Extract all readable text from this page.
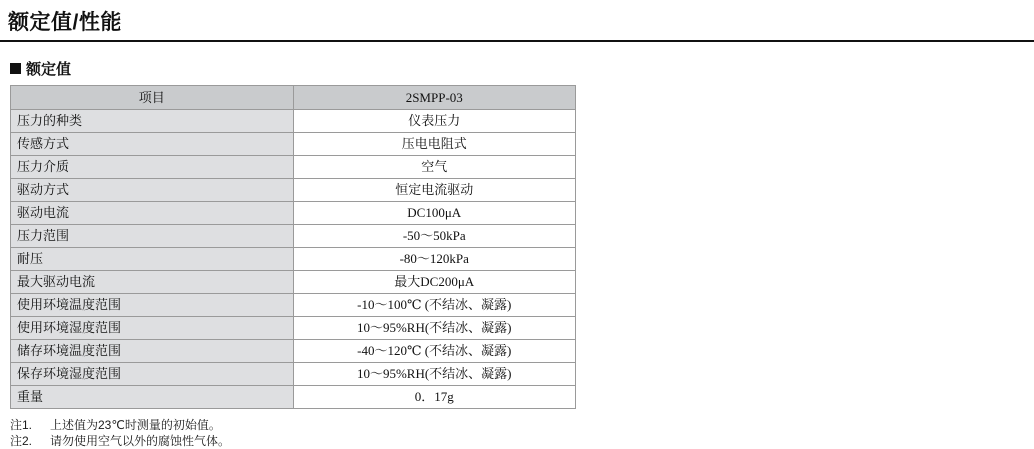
额定值/性能
额定值
项目	2SMPP-03
压力的种类	仪表压力
传感方式	压电电阻式
压力介质	空气
驱动方式	恒定电流驱动
驱动电流	DC100μA
压力范围	-50～50kPa
耐压	-80～120kPa
最大驱动电流	最大DC200μA
使用环境温度范围	-10～100℃ (不结冰、凝露)
使用环境湿度范围	10～95%RH(不结冰、凝露)
储存环境温度范围	-40～120℃ (不结冰、凝露)
保存环境湿度范围	10～95%RH(不结冰、凝露)
重量	0．17g
注1.	上述值为23℃时测量的初始值。
注2.	请勿使用空气以外的腐蚀性气体。
